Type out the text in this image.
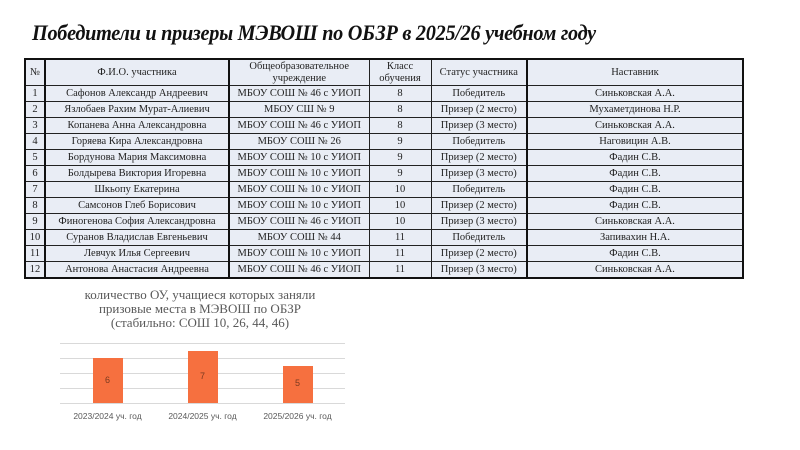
Победители и призеры МЭВОШ по ОБЗР в 2025/26 учебном году
№	Ф.И.О. участника	Общеобразовательное учреждение	Класс обучения	Статус участника	Наставник
1	Сафонов Александр Андреевич	МБОУ СОШ № 46 с УИОП	8	Победитель	Синьковская А.А.
2	Язлобаев Рахим Мурат-Алиевич	МБОУ СШ № 9	8	Призер (2 место)	Мухаметдинова Н.Р.
3	Копанева Анна Александровна	МБОУ СОШ № 46 с УИОП	8	Призер (3 место)	Синьковская А.А.
4	Горяева Кира Александровна	МБОУ СОШ № 26	9	Победитель	Наговицин А.В.
5	Бордунова Мария Максимовна	МБОУ СОШ № 10 с УИОП	9	Призер (2 место)	Фадин С.В.
6	Болдырева Виктория Игоревна	МБОУ СОШ № 10 с УИОП	9	Призер (3 место)	Фадин С.В.
7	Шкьопу Екатерина	МБОУ СОШ № 10 с УИОП	10	Победитель	Фадин С.В.
8	Самсонов Глеб Борисович	МБОУ СОШ № 10 с УИОП	10	Призер (2 место)	Фадин С.В.
9	Финогенова София Александровна	МБОУ СОШ № 46 с УИОП	10	Призер (3 место)	Синьковская А.А.
10	Суранов Владислав Евгеньевич	МБОУ СОШ № 44	11	Победитель	Запивахин Н.А.
11	Левчук Илья Сергеевич	МБОУ СОШ № 10 с УИОП	11	Призер (2 место)	Фадин С.В.
12	Антонова Анастасия Андреевна	МБОУ СОШ № 46 с УИОП	11	Призер (3 место)	Синьковская А.А.
количество ОУ, учащиеся которых заняли
призовые места в МЭВОШ по ОБЗР
(стабильно: СОШ 10, 26, 44, 46)
6	7
5
2023/2024 уч. год	2024/2025 уч. год	2025/2026 уч. год
